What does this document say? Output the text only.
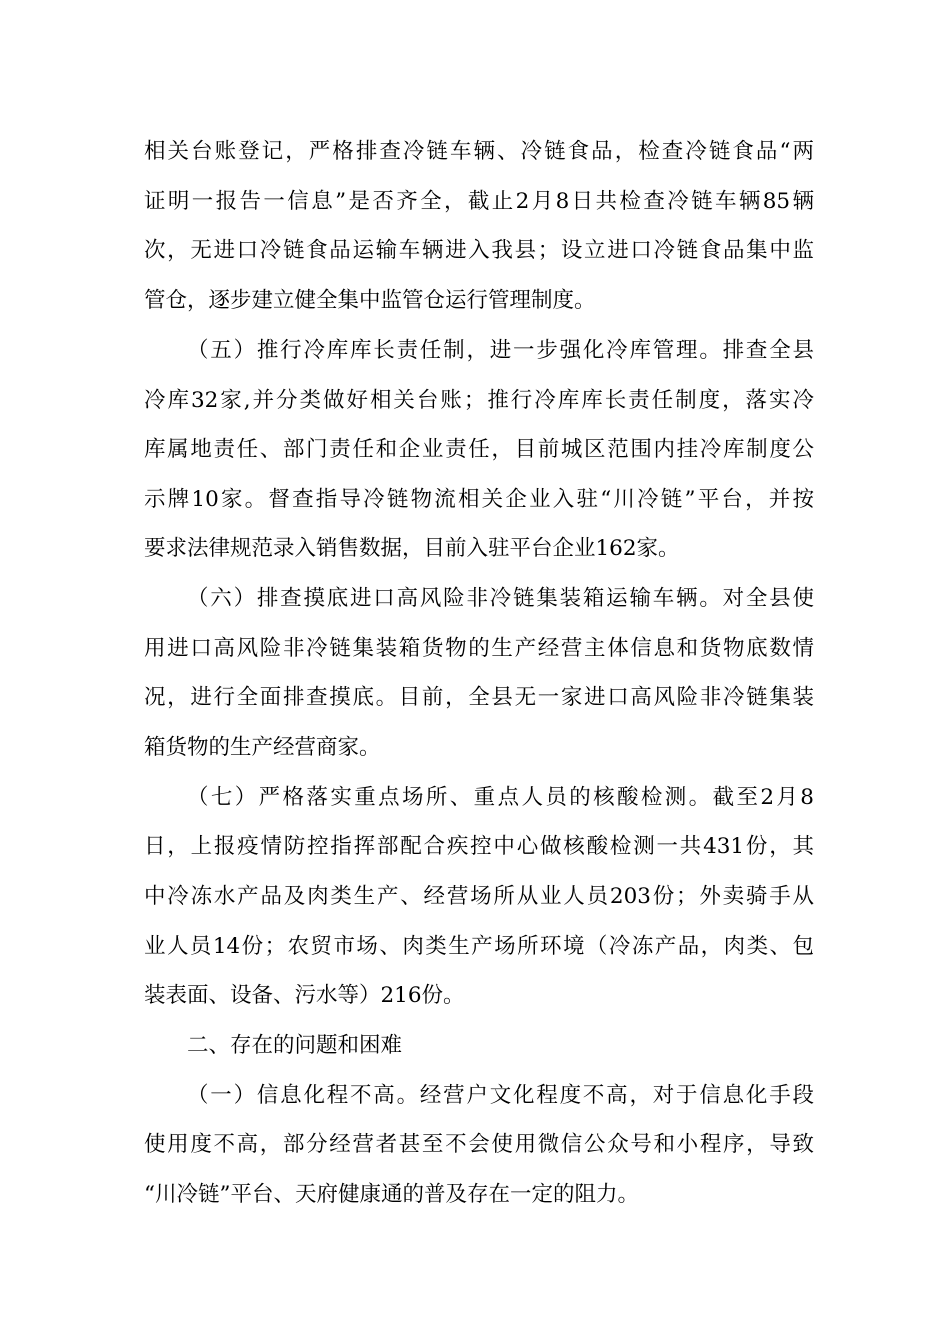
相关台账登记，严格排查冷链车辆、冷链食品，检查冷链食品“两
证明一报告一信息”是否齐全，截止2月8日共检查冷链车辆85辆
次，无进口冷链食品运输车辆进入我县；设立进口冷链食品集中监
管仓，逐步建立健全集中监管仓运行管理制度。
（五）推行冷库库长责任制，进一步强化冷库管理。排查全县
冷库32家,并分类做好相关台账；推行冷库库长责任制度，落实冷
库属地责任、部门责任和企业责任，目前城区范围内挂冷库制度公
示牌10家。督查指导冷链物流相关企业入驻“川冷链”平台，并按
要求法律规范录入销售数据，目前入驻平台企业162家。
（六）排查摸底进口高风险非冷链集装箱运输车辆。对全县使
用进口高风险非冷链集装箱货物的生产经营主体信息和货物底数情
况，进行全面排查摸底。目前，全县无一家进口高风险非冷链集装
箱货物的生产经营商家。
（七）严格落实重点场所、重点人员的核酸检测。截至2月8
日，上报疫情防控指挥部配合疾控中心做核酸检测一共431份，其
中冷冻水产品及肉类生产、经营场所从业人员203份；外卖骑手从
业人员14份；农贸市场、肉类生产场所环境（冷冻产品，肉类、包
装表面、设备、污水等）216份。
二、存在的问题和困难
（一）信息化程不高。经营户文化程度不高，对于信息化手段
使用度不高，部分经营者甚至不会使用微信公众号和小程序，导致
“川冷链”平台、天府健康通的普及存在一定的阻力。
